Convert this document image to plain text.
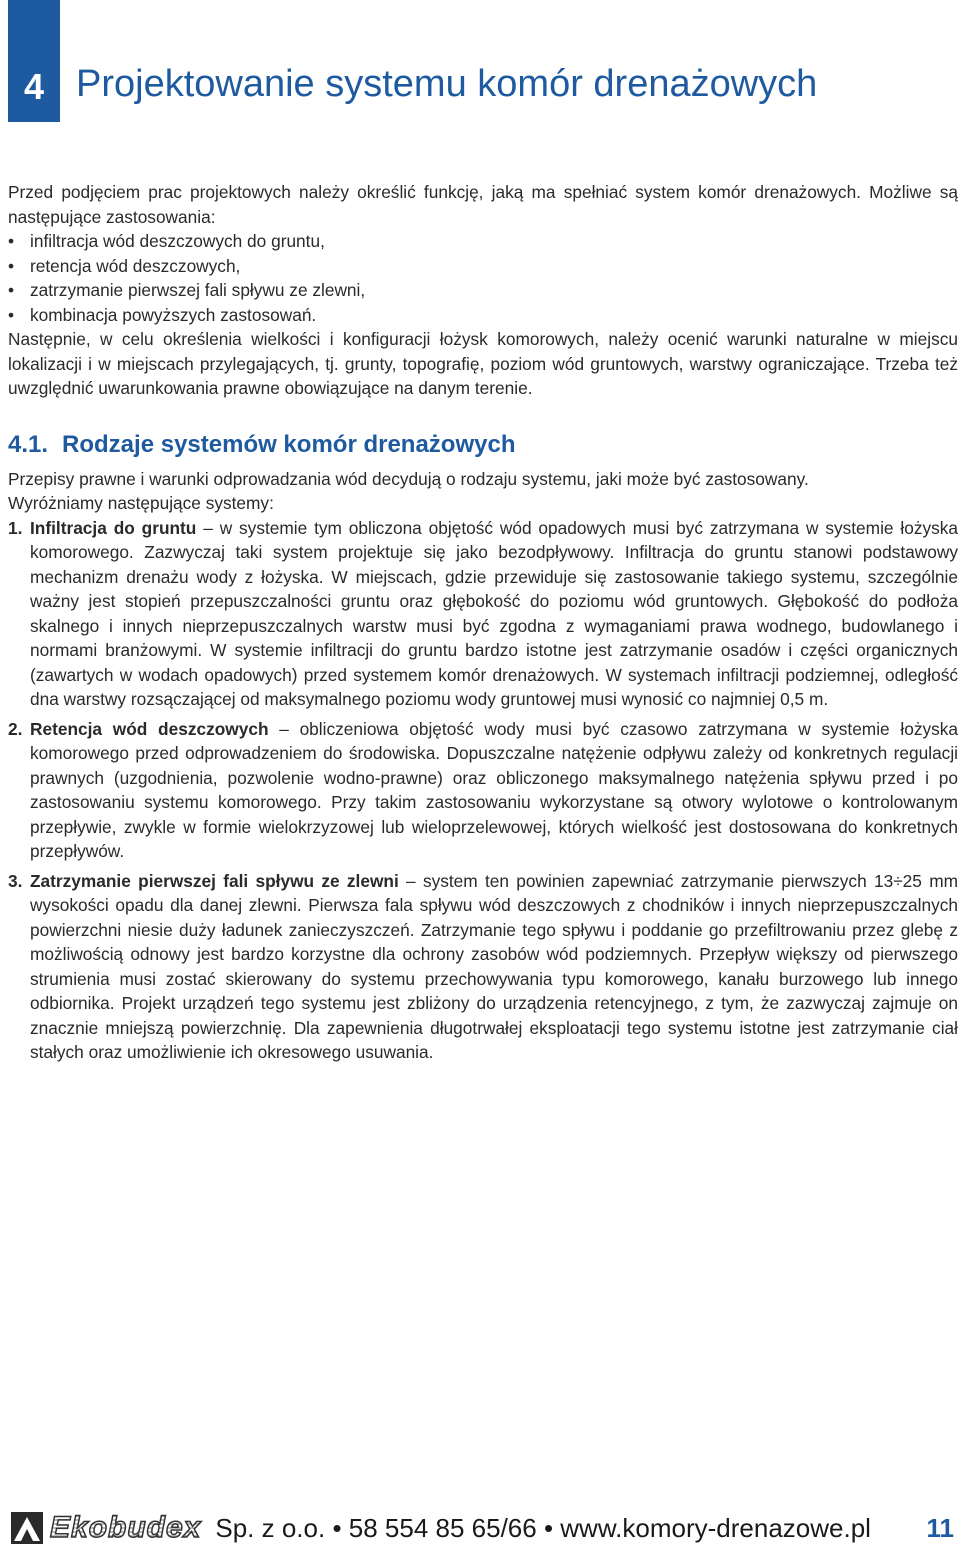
4 Projektowanie systemu komór drenażowych

Przed podjęciem prac projektowych należy określić funkcję, jaką ma spełniać system komór drenażowych. Możliwe są następujące zastosowania:

• infiltracja wód deszczowych do gruntu,
• retencja wód deszczowych,
• zatrzymanie pierwszej fali spływu ze zlewni,
• kombinacja powyższych zastosowań.

Następnie, w celu określenia wielkości i konfiguracji łożysk komorowych, należy ocenić warunki naturalne w miejscu lokalizacji i w miejscach przylegających, tj. grunty, topografię, poziom wód gruntowych, warstwy ograniczające. Trzeba też uwzględnić uwarunkowania prawne obowiązujące na danym terenie.

4.1. Rodzaje systemów komór drenażowych

Przepisy prawne i warunki odprowadzania wód decydują o rodzaju systemu, jaki może być zastosowany.

Wyróżniamy następujące systemy:

1. Infiltracja do gruntu – w systemie tym obliczona objętość wód opadowych musi być zatrzymana w systemie łożyska komorowego. Zazwyczaj taki system projektuje się jako bezodpływowy. Infiltracja do gruntu stanowi podstawowy mechanizm drenażu wody z łożyska. W miejscach, gdzie przewiduje się zastosowanie takiego systemu, szczególnie ważny jest stopień przepuszczalności gruntu oraz głębokość do poziomu wód gruntowych. Głębokość do podłoża skalnego i innych nieprzepuszczalnych warstw musi być zgodna z wymaganiami prawa wodnego, budowlanego i normami branżowymi. W systemie infiltracji do gruntu bardzo istotne jest zatrzymanie osadów i części organicznych (zawartych w wodach opadowych) przed systemem komór drenażowych. W systemach infiltracji podziemnej, odległość dna warstwy rozsączającej od maksymalnego poziomu wody gruntowej musi wynosić co najmniej 0,5 m.
2. Retencja wód deszczowych – obliczeniowa objętość wody musi być czasowo zatrzymana w systemie łożyska komorowego przed odprowadzeniem do środowiska. Dopuszczalne natężenie odpływu zależy od konkretnych regulacji prawnych (uzgodnienia, pozwolenie wodno-prawne) oraz obliczonego maksymalnego natężenia spływu przed i po zastosowaniu systemu komorowego. Przy takim zastosowaniu wykorzystane są otwory wylotowe o kontrolowanym przepływie, zwykle w formie wielokrzyzowej lub wieloprzelewowej, których wielkość jest dostosowana do konkretnych przepływów.
3. Zatrzymanie pierwszej fali spływu ze zlewni – system ten powinien zapewniać zatrzymanie pierwszych 13÷25 mm wysokości opadu dla danej zlewni. Pierwsza fala spływu wód deszczowych z chodników i innych nieprzepuszczalnych powierzchni niesie duży ładunek zanieczyszczeń. Zatrzymanie tego spływu i poddanie go przefiltrowaniu przez glebę z możliwością odnowy jest bardzo korzystne dla ochrony zasobów wód podziemnych. Przepływ większy od pierwszego strumienia musi zostać skierowany do systemu przechowywania typu komorowego, kanału burzowego lub innego odbiornika. Projekt urządzeń tego systemu jest zbliżony do urządzenia retencyjnego, z tym, że zazwyczaj zajmuje on znacznie mniejszą powierzchnię. Dla zapewnienia długotrwałej eksploatacji tego systemu istotne jest zatrzymanie ciał stałych oraz umożliwienie ich okresowego usuwania.
Ekobudex Sp. z o.o. • 58 554 85 65/66 • www.komory-drenazowe.pl 11
